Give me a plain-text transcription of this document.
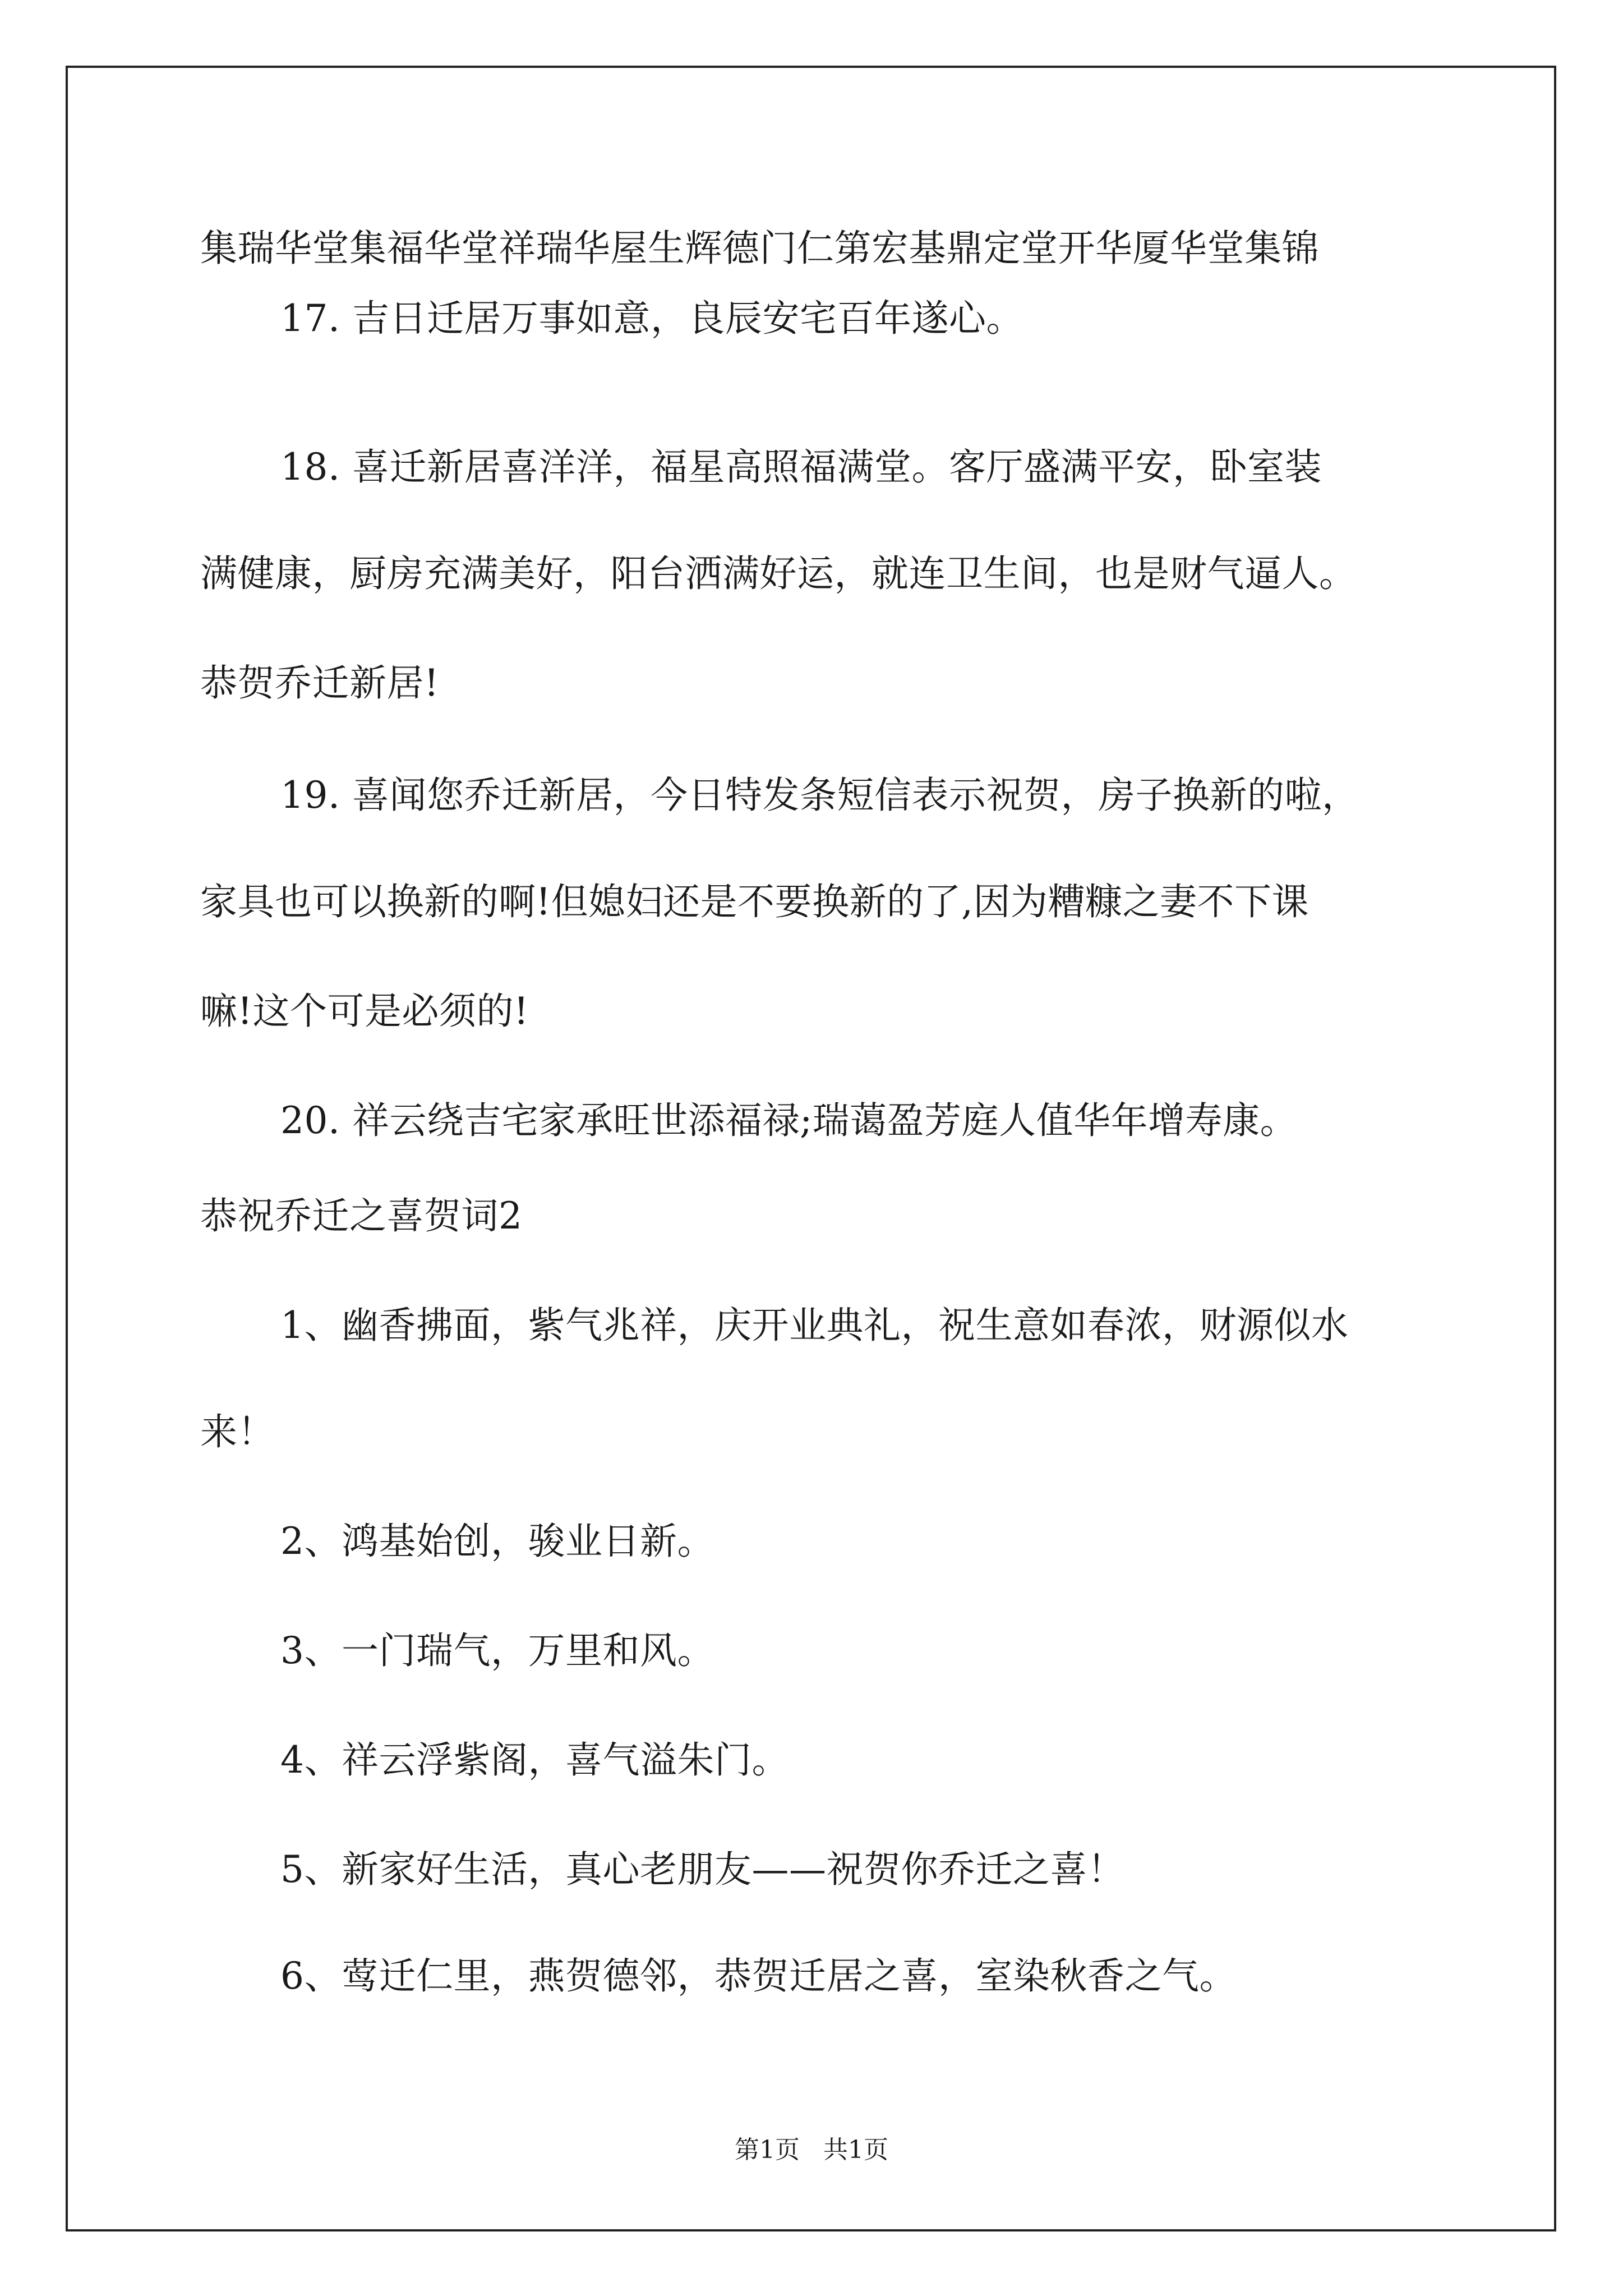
集瑞华堂集福华堂祥瑞华屋生辉德门仁第宏基鼎定堂开华厦华堂集锦
17. 吉日迁居万事如意，良辰安宅百年遂心。
18. 喜迁新居喜洋洋，福星高照福满堂。客厅盛满平安，卧室装
满健康，厨房充满美好，阳台洒满好运，就连卫生间，也是财气逼人。
恭贺乔迁新居!
19. 喜闻您乔迁新居，今日特发条短信表示祝贺，房子换新的啦，
家具也可以换新的啊!但媳妇还是不要换新的了,因为糟糠之妻不下课
嘛!这个可是必须的!
20. 祥云绕吉宅家承旺世添福禄;瑞蔼盈芳庭人值华年增寿康。
恭祝乔迁之喜贺词2
1、幽香拂面，紫气兆祥，庆开业典礼，祝生意如春浓，财源似水
来！
2、鸿基始创，骏业日新。
3、一门瑞气，万里和风。
4、祥云浮紫阁，喜气溢朱门。
5、新家好生活，真心老朋友——祝贺你乔迁之喜！
6、莺迁仁里，燕贺德邻，恭贺迁居之喜，室染秋香之气。
第1页   共1页
